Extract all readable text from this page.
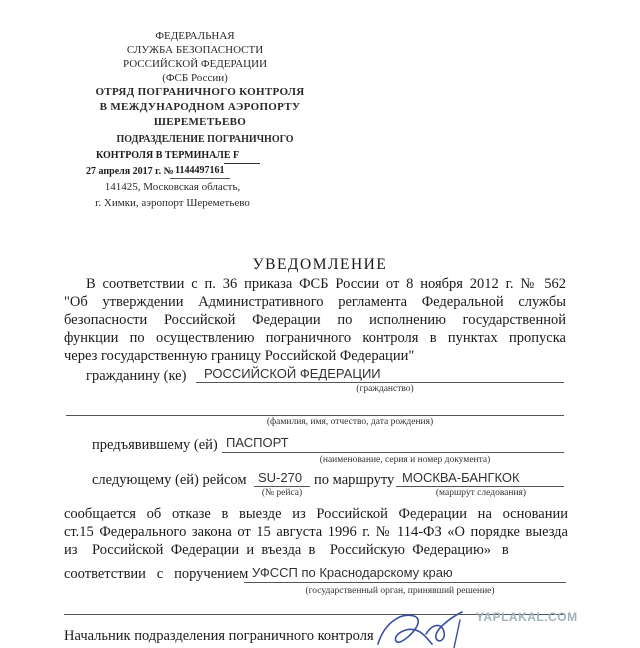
ФЕДЕРАЛЬНАЯ
СЛУЖБА БЕЗОПАСНОСТИ
РОССИЙСКОЙ ФЕДЕРАЦИИ
(ФСБ России)
ОТРЯД ПОГРАНИЧНОГО КОНТРОЛЯ
В МЕЖДУНАРОДНОМ АЭРОПОРТУ
ШЕРЕМЕТЬЕВО
ПОДРАЗДЕЛЕНИЕ ПОГРАНИЧНОГО
КОНТРОЛЯ В ТЕРМИНАЛЕ F
27 апреля 2017 г. № 1144497161
141425, Московская область,
г. Химки, аэропорт Шереметьево
УВЕДОМЛЕНИЕ
В соответствии с п. 36 приказа ФСБ России от 8 ноября 2012 г. № 562
"Об утверждении Административного регламента Федеральной службы
безопасности Российской Федерации по исполнению государственной
функции по осуществлению пограничного контроля в пунктах пропуска
через государственную границу Российской Федерации"
гражданину (ке) РОССИЙСКОЙ ФЕДЕРАЦИИ
(гражданство)
(фамилия, имя, отчество, дата рождения)
предъявившему (ей) ПАСПОРТ
(наименование, серия и номер документа)
следующему (ей) рейсом SU-270 по маршруту МОСКВА-БАНГКОК
(№ рейса)	(маршрут следования)
сообщается об отказе в выезде из Российской Федерации на основании
ст.15 Федерального закона от 15 августа 1996 г. № 114-ФЗ «О порядке выезда
из    Российской  Федерации  и  въезда  в    Российскую  Федерацию»   в
соответствии   с   поручением УФССП по Краснодарскому краю
(государственный орган, принявший решение)
YAPLAKAL.COM
Начальник подразделения пограничного контроля
